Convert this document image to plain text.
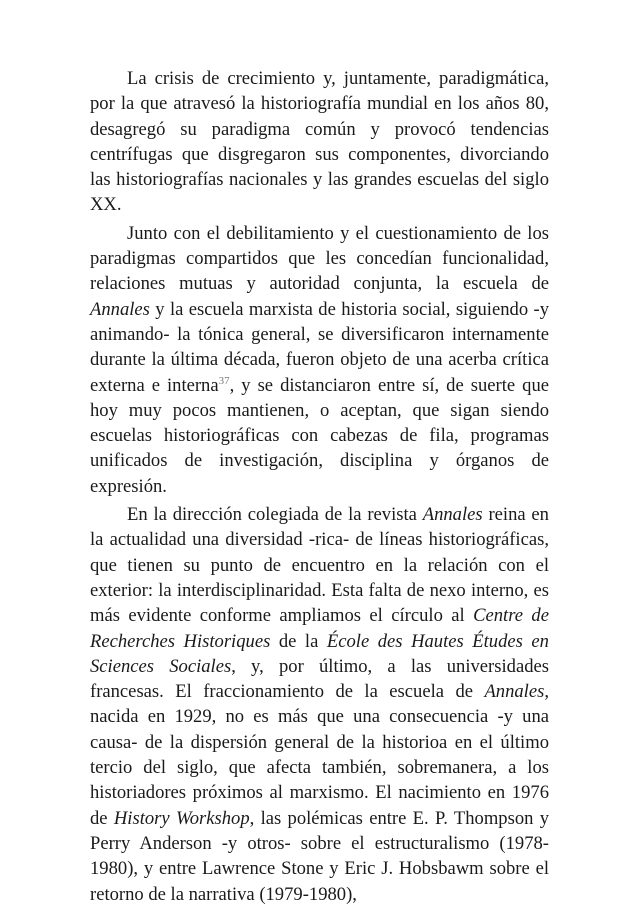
La crisis de crecimiento y, juntamente, paradigmática, por la que atravesó la historiografía mundial en los años 80, desagregó su paradigma común y provocó tendencias centrífugas que disgregaron sus componentes, divorciando las historiografías nacionales y las grandes escuelas del siglo XX.

Junto con el debilitamiento y el cuestionamiento de los paradigmas compartidos que les concedían funcionalidad, relaciones mutuas y autoridad conjunta, la escuela de Annales y la escuela marxista de historia social, siguiendo -y animando- la tónica general, se diversificaron internamente durante la última década, fueron objeto de una acerba crítica externa e interna$^{37}$, y se distanciaron entre sí, de suerte que hoy muy pocos mantienen, o aceptan, que sigan siendo escuelas historiográficas con cabezas de fila, programas unificados de investigación, disciplina y órganos de expresión.

En la dirección colegiada de la revista Annales reina en la actualidad una diversidad -rica- de líneas historiográficas, que tienen su punto de encuentro en la relación con el exterior: la interdisciplinaridad. Esta falta de nexo interno, es más evidente conforme ampliamos el círculo al Centre de Recherches Historiques de la École des Hautes Études en Sciences Sociales, y, por último, a las universidades francesas. El fraccionamiento de la escuela de Annales, nacida en 1929, no es más que una consecuencia -y una causa- de la dispersión general de la historioa en el último tercio del siglo, que afecta también, sobremanera, a los historiadores próximos al marxismo. El nacimiento en 1976 de History Workshop, las polémicas entre E. P. Thompson y Perry Anderson -y otros- sobre el estructuralismo (1978-1980), y entre Lawrence Stone y Eric J. Hobsbawm sobre el retorno de la narrativa (1979-1980),
